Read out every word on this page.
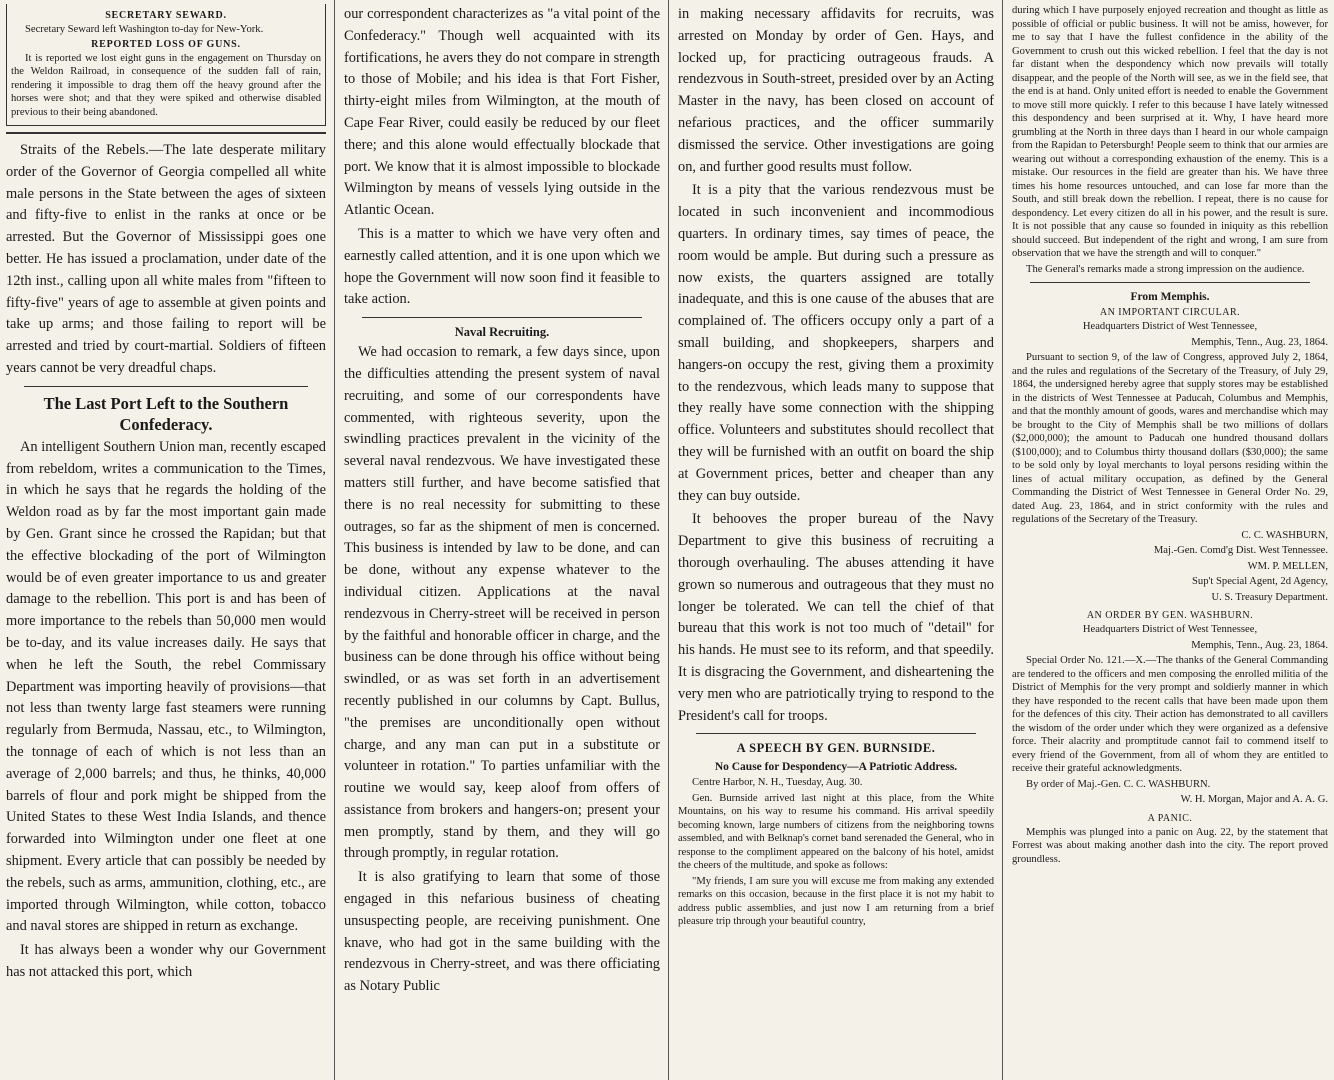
SECRETARY SEWARD.

Secretary Seward left Washington to-day for New-York.

REPORTED LOSS OF GUNS.

It is reported we lost eight guns in the engagement on Thursday on the Weldon Railroad, in consequence of the sudden fall of rain, rendering it impossible to drag them off the heavy ground after the horses were shot; and that they were spiked and otherwise disabled previous to their being abandoned.

Straits of the Rebels.—The late desperate military order of the Governor of Georgia compelled all white male persons in the State between the ages of sixteen and fifty-five to enlist in the ranks at once or be arrested. But the Governor of Mississippi goes one better. He has issued a proclamation, under date of the 12th inst., calling upon all white males from "fifteen to fifty-five" years of age to assemble at given points and take up arms; and those failing to report will be arrested and tried by court-martial. Soldiers of fifteen years cannot be very dreadful chaps.

The Last Port Left to the Southern Confederacy.

An intelligent Southern Union man, recently escaped from rebeldom, writes a communication to the Times, in which he says that he regards the holding of the Weldon road as by far the most important gain made by Gen. Grant since he crossed the Rapidan; but that the effective blockading of the port of Wilmington would be of even greater importance to us and greater damage to the rebellion. This port is and has been of more importance to the rebels than 50,000 men would be to-day, and its value increases daily. He says that when he left the South, the rebel Commissary Department was importing heavily of provisions—that not less than twenty large fast steamers were running regularly from Bermuda, Nassau, etc., to Wilmington, the tonnage of each of which is not less than an average of 2,000 barrels; and thus, he thinks, 40,000 barrels of flour and pork might be shipped from the United States to these West India Islands, and thence forwarded into Wilmington under one fleet at one shipment. Every article that can possibly be needed by the rebels, such as arms, ammunition, clothing, etc., are imported through Wilmington, while cotton, tobacco and naval stores are shipped in return as exchange.

It has always been a wonder why our Government has not attacked this port, which

our correspondent characterizes as "a vital point of the Confederacy." Though well acquainted with its fortifications, he avers they do not compare in strength to those of Mobile; and his idea is that Fort Fisher, thirty-eight miles from Wilmington, at the mouth of Cape Fear River, could easily be reduced by our fleet there; and this alone would effectually blockade that port. We know that it is almost impossible to blockade Wilmington by means of vessels lying outside in the Atlantic Ocean.

This is a matter to which we have very often and earnestly called attention, and it is one upon which we hope the Government will now soon find it feasible to take action.

Naval Recruiting.

We had occasion to remark, a few days since, upon the difficulties attending the present system of naval recruiting, and some of our correspondents have commented, with righteous severity, upon the swindling practices prevalent in the vicinity of the several naval rendezvous. We have investigated these matters still further, and have become satisfied that there is no real necessity for submitting to these outrages, so far as the shipment of men is concerned. This business is intended by law to be done, and can be done, without any expense whatever to the individual citizen. Applications at the naval rendezvous in Cherry-street will be received in person by the faithful and honorable officer in charge, and the business can be done through his office without being swindled, or as was set forth in an advertisement recently published in our columns by Capt. Bullus, "the premises are unconditionally open without charge, and any man can put in a substitute or volunteer in rotation." To parties unfamiliar with the routine we would say, keep aloof from offers of assistance from brokers and hangers-on; present your men promptly, stand by them, and they will go through promptly, in regular rotation.

It is also gratifying to learn that some of those engaged in this nefarious business of cheating unsuspecting people, are receiving punishment. One knave, who had got in the same building with the rendezvous in Cherry-street, and was there officiating as Notary Public

in making necessary affidavits for recruits, was arrested on Monday by order of Gen. Hays, and locked up, for practicing outrageous frauds. A rendezvous in South-street, presided over by an Acting Master in the navy, has been closed on account of nefarious practices, and the officer summarily dismissed the service. Other investigations are going on, and further good results must follow.

It is a pity that the various rendezvous must be located in such inconvenient and incommodious quarters. In ordinary times, say times of peace, the room would be ample. But during such a pressure as now exists, the quarters assigned are totally inadequate, and this is one cause of the abuses that are complained of. The officers occupy only a part of a small building, and shopkeepers, sharpers and hangers-on occupy the rest, giving them a proximity to the rendezvous, which leads many to suppose that they really have some connection with the shipping office. Volunteers and substitutes should recollect that they will be furnished with an outfit on board the ship at Government prices, better and cheaper than any they can buy outside.

It behooves the proper bureau of the Navy Department to give this business of recruiting a thorough overhauling. The abuses attending it have grown so numerous and outrageous that they must no longer be tolerated. We can tell the chief of that bureau that this work is not too much of "detail" for his hands. He must see to its reform, and that speedily. It is disgracing the Government, and disheartening the very men who are patriotically trying to respond to the President's call for troops.

A SPEECH BY GEN. BURNSIDE.
No Cause for Despondency—A Patriotic Address.

Centre Harbor, N. H., Tuesday, Aug. 30.

Gen. Burnside arrived last night at this place, from the White Mountains, on his way to resume his command. His arrival speedily becoming known, large numbers of citizens from the neighboring towns assembled, and with Belknap's cornet band serenaded the General, who in response to the compliment appeared on the balcony of his hotel, amidst the cheers of the multitude, and spoke as follows:

"My friends, I am sure you will excuse me from making any extended remarks on this occasion, because in the first place it is not my habit to address public assemblies, and just now I am returning from a brief pleasure trip through your beautiful country,

during which I have purposely enjoyed recreation and thought as little as possible of official or public business. It will not be amiss, however, for me to say that I have the fullest confidence in the ability of the Government to crush out this wicked rebellion. I feel that the day is not far distant when the despondency which now prevails will totally disappear, and the people of the North will see, as we in the field see, that the end is at hand. Only united effort is needed to enable the Government to move still more quickly. I refer to this because I have lately witnessed this despondency and been surprised at it. Why, I have heard more grumbling at the North in three days than I heard in our whole campaign from the Rapidan to Petersburgh! People seem to think that our armies are wearing out without a corresponding exhaustion of the enemy. This is a mistake. Our resources in the field are greater than his. We have three times his home resources untouched, and can lose far more than the South, and still break down the rebellion. I repeat, there is no cause for despondency. Let every citizen do all in his power, and the result is sure. It is not possible that any cause so founded in iniquity as this rebellion should succeed. But independent of the right and wrong, I am sure from observation that we have the strength and will to conquer."

The General's remarks made a strong impression on the audience.

From Memphis.
AN IMPORTANT CIRCULAR.

Headquarters District of West Tennessee,

Memphis, Tenn., Aug. 23, 1864.

Pursuant to section 9, of the law of Congress, approved July 2, 1864, and the rules and regulations of the Secretary of the Treasury, of July 29, 1864, the undersigned hereby agree that supply stores may be established in the districts of West Tennessee at Paducah, Columbus and Memphis, and that the monthly amount of goods, wares and merchandise which may be brought to the City of Memphis shall be two millions of dollars ($2,000,000); the amount to Paducah one hundred thousand dollars ($100,000); and to Columbus thirty thousand dollars ($30,000); the same to be sold only by loyal merchants to loyal persons residing within the lines of actual military occupation, as defined by the General Commanding the District of West Tennessee in General Order No. 29, dated Aug. 23, 1864, and in strict conformity with the rules and regulations of the Secretary of the Treasury.

C. C. WASHBURN,

Maj.-Gen. Comd'g Dist. West Tennessee.

WM. P. MELLEN,

Sup't Special Agent, 2d Agency,

U. S. Treasury Department.

AN ORDER BY GEN. WASHBURN.

Headquarters District of West Tennessee,

Memphis, Tenn., Aug. 23, 1864.

Special Order No. 121.—X.—The thanks of the General Commanding are tendered to the officers and men composing the enrolled militia of the District of Memphis for the very prompt and soldierly manner in which they have responded to the recent calls that have been made upon them for the defences of this city. Their action has demonstrated to all cavillers the wisdom of the order under which they were organized as a defensive force. Their alacrity and promptitude cannot fail to commend itself to every friend of the Government, from all of whom they are entitled to receive their grateful acknowledgments.

By order of Maj.-Gen. C. C. WASHBURN.

W. H. Morgan, Major and A. A. G.

A PANIC.

Memphis was plunged into a panic on Aug. 22, by the statement that Forrest was about making another dash into the city. The report proved groundless.
